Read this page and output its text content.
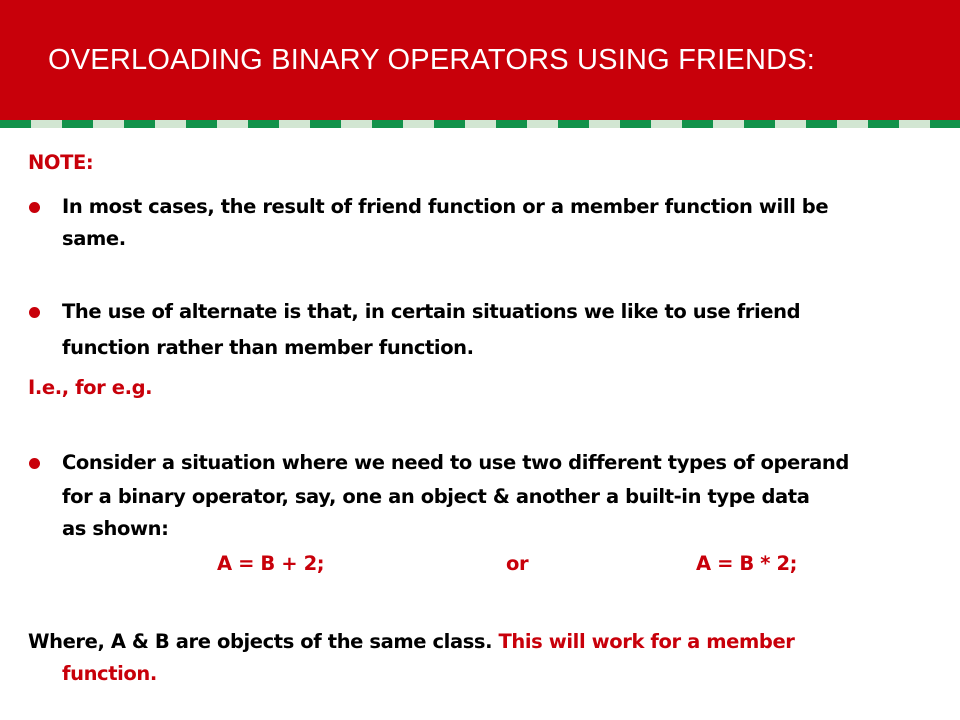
OVERLOADING BINARY OPERATORS USING FRIENDS:
NOTE:
In most cases, the result of friend function or a member function will be
same.
The use of alternate is that, in certain situations we like to use friend
function rather than member function.
I.e., for e.g.
Consider a situation where we need to use two different types of operand
for a binary operator, say, one an object & another a built-in type data
as shown:
A = B + 2;	or	A = B * 2;
Where, A & B are objects of the same class. This will work for a member
function.
